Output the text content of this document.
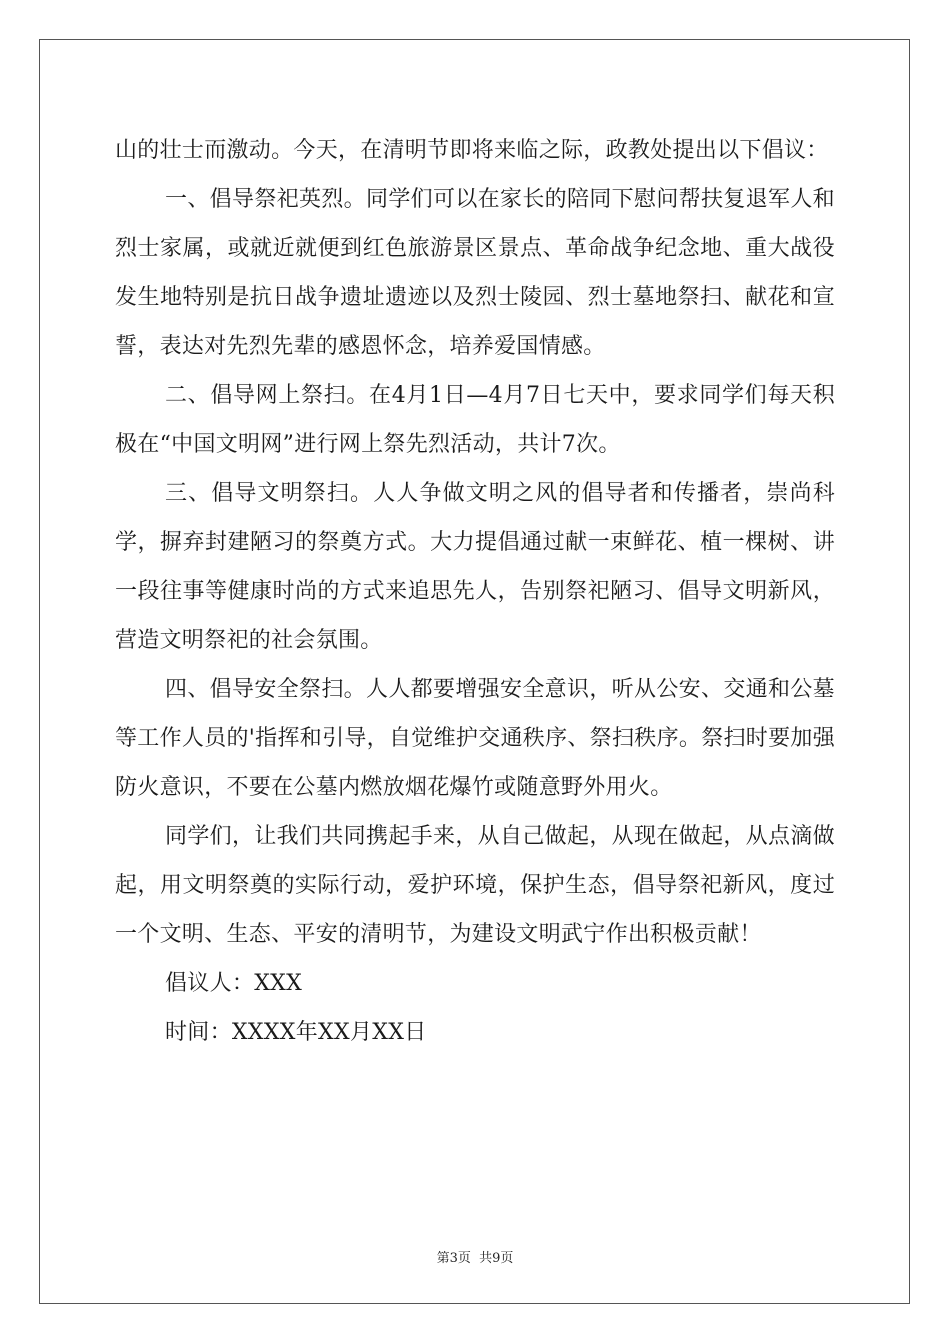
山的壮士而激动。今天，在清明节即将来临之际，政教处提出以下倡议：

一、倡导祭祀英烈。同学们可以在家长的陪同下慰问帮扶复退军人和烈士家属，或就近就便到红色旅游景区景点、革命战争纪念地、重大战役发生地特别是抗日战争遗址遗迹以及烈士陵园、烈士墓地祭扫、献花和宣誓，表达对先烈先辈的感恩怀念，培养爱国情感。

二、倡导网上祭扫。在4月1日—4月7日七天中，要求同学们每天积极在“中国文明网”进行网上祭先烈活动，共计7次。

三、倡导文明祭扫。人人争做文明之风的倡导者和传播者，崇尚科学，摒弃封建陋习的祭奠方式。大力提倡通过献一束鲜花、植一棵树、讲一段往事等健康时尚的方式来追思先人，告别祭祀陋习、倡导文明新风，营造文明祭祀的社会氛围。

四、倡导安全祭扫。人人都要增强安全意识，听从公安、交通和公墓等工作人员的'指挥和引导，自觉维护交通秩序、祭扫秩序。祭扫时要加强防火意识，不要在公墓内燃放烟花爆竹或随意野外用火。

同学们，让我们共同携起手来，从自己做起，从现在做起，从点滴做起，用文明祭奠的实际行动，爱护环境，保护生态，倡导祭祀新风，度过一个文明、生态、平安的清明节，为建设文明武宁作出积极贡献！

倡议人：XXX

时间：XXXX年XX月XX日

第3页 共9页
